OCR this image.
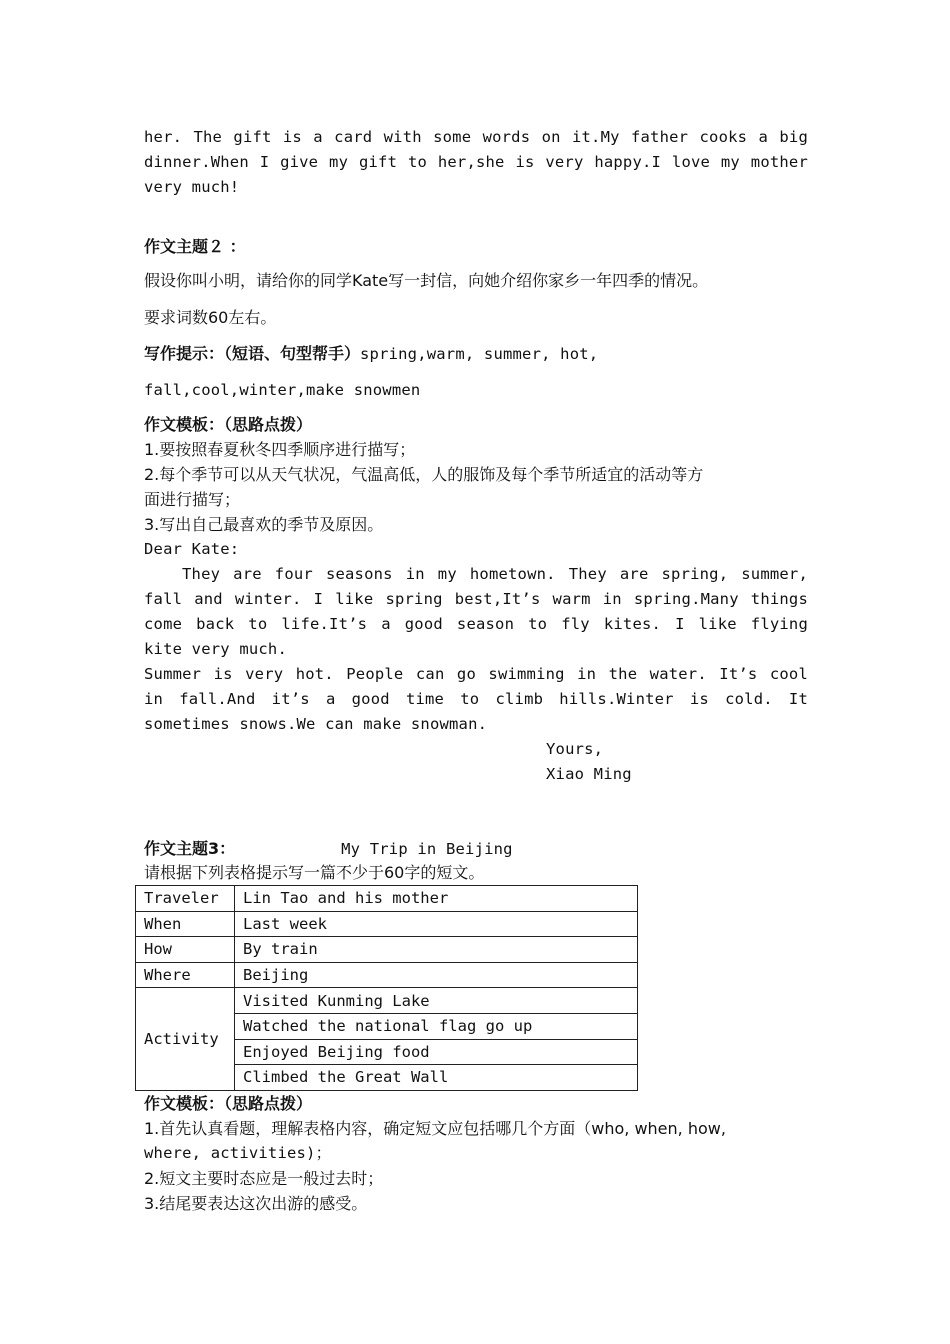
her. The gift is a card with some words on it.My father cooks a big
dinner.When I give my gift to her,she is very happy.I love my mother
very much!
作文主题２ ：
假设你叫小明，请给你的同学Kate写一封信，向她介绍你家乡一年四季的情况。
要求词数60左右。
写作提示：（短语、句型帮手）spring,warm, summer, hot,
fall,cool,winter,make snowmen
作文模板：（思路点拨）
1.要按照春夏秋冬四季顺序进行描写；
2.每个季节可以从天气状况，气温高低，人的服饰及每个季节所适宜的活动等方
面进行描写；
3.写出自己最喜欢的季节及原因。
Dear Kate:
They are four seasons in my hometown. They are spring, summer,
fall and winter. I like spring best,It’s warm in spring.Many things
come back to life.It’s a good season to fly kites. I like flying
kite very much.
Summer is very hot. People can go swimming in the water. It’s cool
in fall.And it’s a good time to climb hills.Winter is cold. It
sometimes snows.We can make snowman.
Yours,
Xiao Ming
作文主题3：	My Trip in Beijing
请根据下列表格提示写一篇不少于60字的短文。
Traveler	Lin Tao and his mother
When	Last week
How	By train
Where	Beijing
Activity	Visited Kunming Lake
	Watched the national flag go up
	Enjoyed Beijing food
	Climbed the Great Wall
作文模板：（思路点拨）
1.首先认真看题，理解表格内容，确定短文应包括哪几个方面（who, when, how,
where, activities)；
2.短文主要时态应是一般过去时；
3.结尾要表达这次出游的感受。
